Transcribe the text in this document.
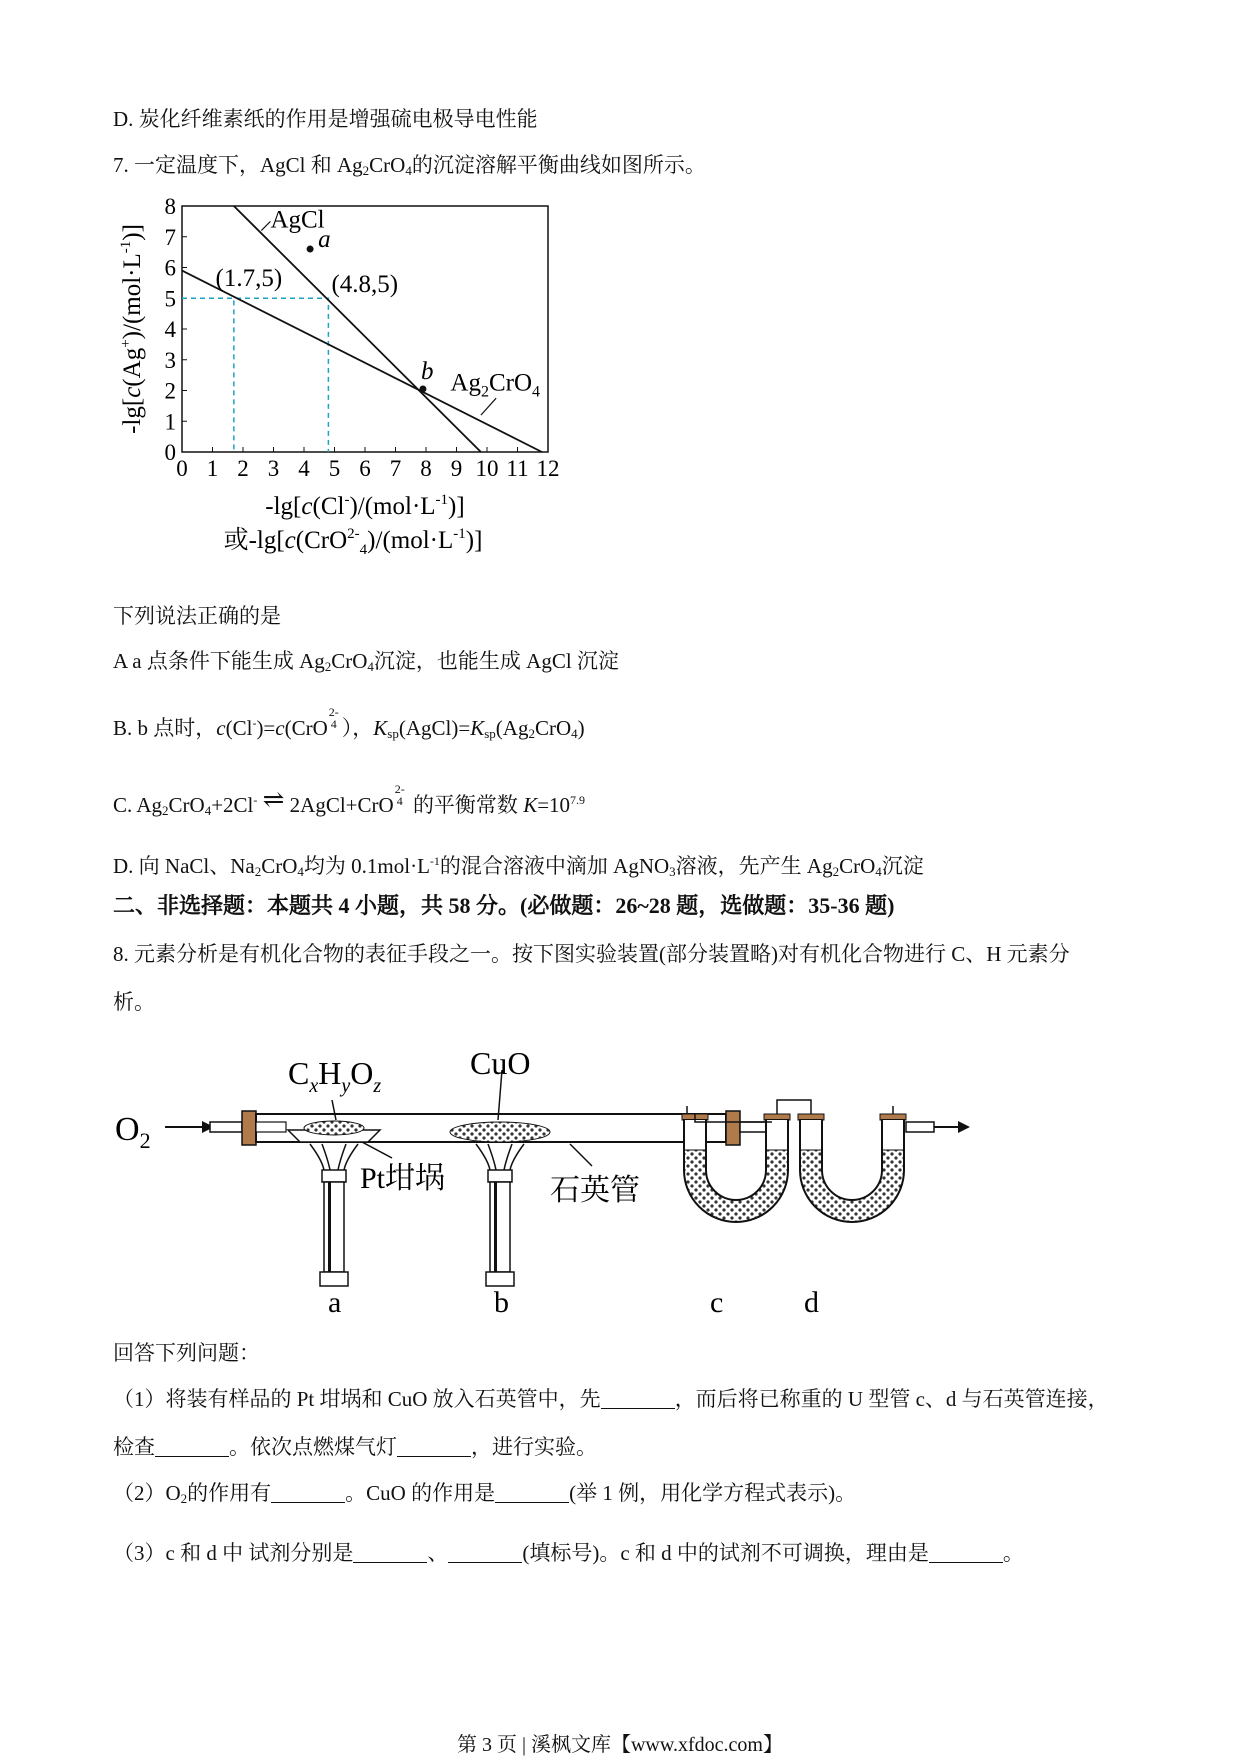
D. 炭化纤维素纸的作用是增强硫电极导电性能
7. 一定温度下，AgCl 和 $Ag_2CrO_4$的沉淀溶解平衡曲线如图所示。
0 1 2 3 4 5 6 7 8 9 10 11 12
0
1
2
3
4
5
6
7
8
AgCl
$Ag_2CrO_4$
a
b
(1.7,5) (4.8,5)
$-\lg[c(Ag^+)/(mol\cdot L^{-1})]$
$-\lg[c(Cl^-)/(mol\cdot L^{-1})]$
或$-\lg[c(CrO^{2-}_4)/(mol\cdot L^{-1})]$
下列说法正确的是
A a 点条件下能生成 $Ag_2CrO_4$沉淀，也能生成 AgCl 沉淀
B. b 点时，c(Cl-)=c(CrO
2-
4 ），$K_{sp}(AgCl)=K_{sp}(Ag_2CrO_4)$
C. $Ag_2CrO_4+2Cl^-$ ⇌ 2AgCl+CrO
2-
4 的平衡常数 $K=10^{7.9}$
D. 向 NaCl、$Na_2CrO_4$均为 $0.1mol\cdot L^{-1}$的混合溶液中滴加 AgNO$_3$溶液，先产生 $Ag_2CrO_4$沉淀
二、非选择题：本题共 4 小题，共 58 分。(必做题：26~28 题，选做题：35-36 题)
8. 元素分析是有机化合物的表征手段之一。按下图实验装置(部分装置略)对有机化合物进行 C、H 元素分
析。
$O_2$
$C_xH_yO_z$
CuO
Pt坩埚	石英管
a	b	c	d
回答下列问题：
（1）将装有样品的 Pt 坩埚和 CuO 放入石英管中，先	，而后将已称重的 U 型管 c、d 与石英管连接，
检查	。依次点燃煤气灯	，进行实验。
$(2)O_2$的作用有	。CuO 的作用是	(举 1 例，用化学方程式表示)。
（3）c 和 d 中 试剂分别是	、	(填标号)。c 和 d 中的试剂不可调换，理由是	。
第 3 页 | 溪枫文库【www.xfdoc.com】
